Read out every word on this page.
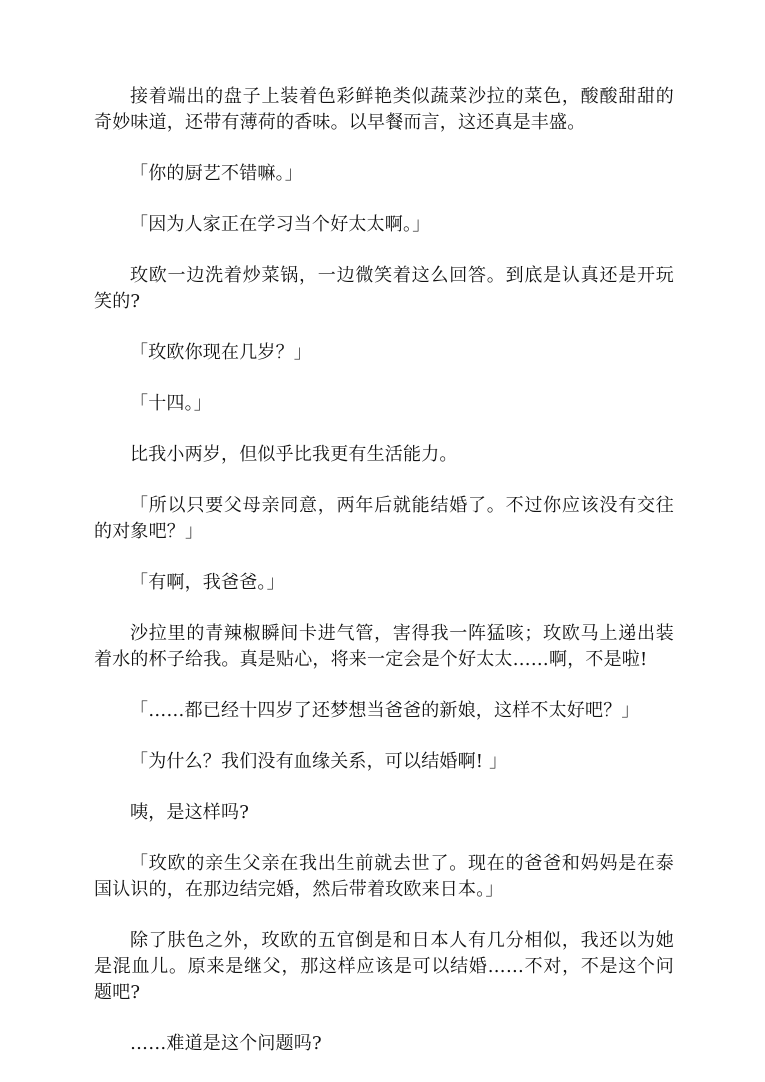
接着端出的盘子上装着色彩鲜艳类似蔬菜沙拉的菜色，酸酸甜甜的奇妙味道，还带有薄荷的香味。以早餐而言，这还真是丰盛。

「你的厨艺不错嘛。」

「因为人家正在学习当个好太太啊。」

玫欧一边洗着炒菜锅，一边微笑着这么回答。到底是认真还是开玩笑的?

「玫欧你现在几岁？」

「十四。」

比我小两岁，但似乎比我更有生活能力。

「所以只要父母亲同意，两年后就能结婚了。不过你应该没有交往的对象吧？」

「有啊，我爸爸。」

沙拉里的青辣椒瞬间卡进气管，害得我一阵猛咳；玫欧马上递出装着水的杯子给我。真是贴心，将来一定会是个好太太……啊，不是啦!

「……都已经十四岁了还梦想当爸爸的新娘，这样不太好吧？」

「为什么？我们没有血缘关系，可以结婚啊! 」

咦，是这样吗?

「玫欧的亲生父亲在我出生前就去世了。现在的爸爸和妈妈是在泰国认识的，在那边结完婚，然后带着玫欧来日本。」

除了肤色之外，玫欧的五官倒是和日本人有几分相似，我还以为她是混血儿。原来是继父，那这样应该是可以结婚……不对，不是这个问题吧?

……难道是这个问题吗?
